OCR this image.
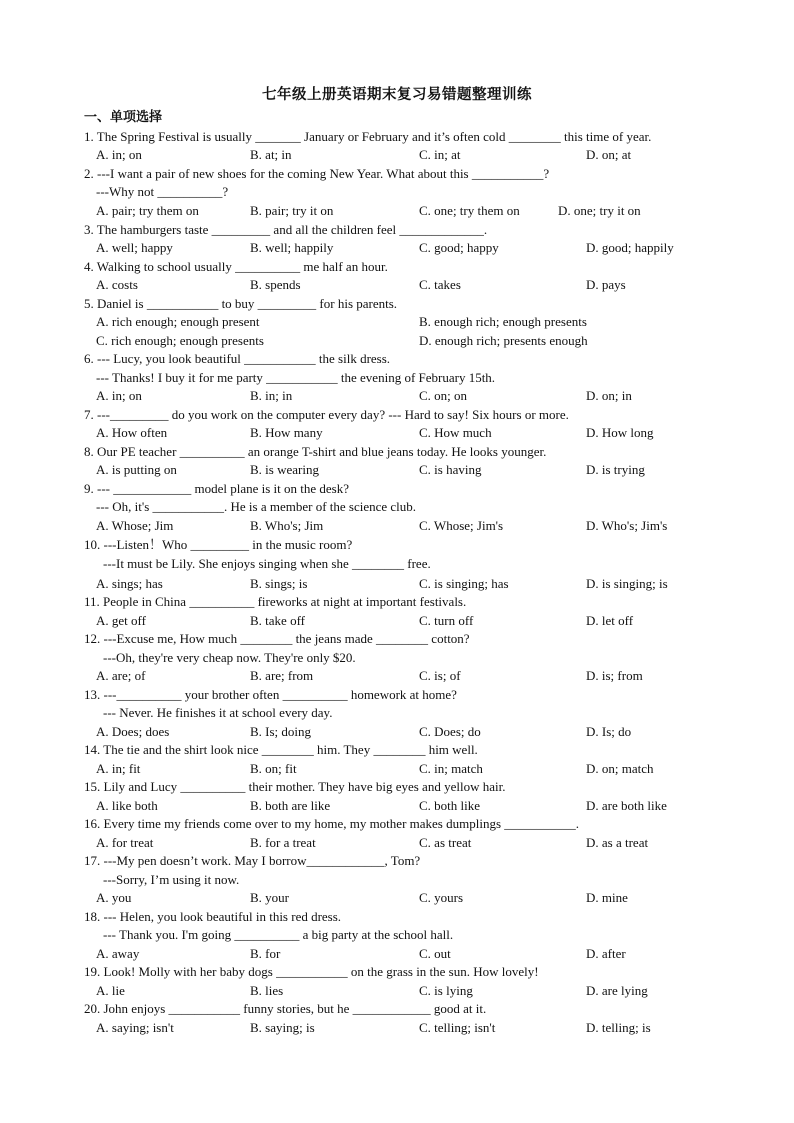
七年级上册英语期末复习易错题整理训练
一、单项选择
1. The Spring Festival is usually _______ January or February and it’s often cold ________ this time of year.
A. in; on	B. at; in	C. in; at	D. on; at
2. ---I want a pair of new shoes for the coming New Year. What about this ___________?
---Why not __________?
A. pair; try them on	B. pair; try it on	C. one; try them on	D. one; try it on
3. The hamburgers taste _________ and all the children feel _____________.
A. well; happy	B. well; happily	C. good; happy	D. good; happily
4. Walking to school usually __________ me half an hour.
A. costs	B. spends	C. takes	D. pays
5. Daniel is ___________ to buy _________ for his parents.
A. rich enough; enough present	B. enough rich; enough presents
C. rich enough; enough presents	D. enough rich; presents enough
6. --- Lucy, you look beautiful ___________ the silk dress.
--- Thanks! I buy it for me party ___________ the evening of February 15th.
A. in; on	B. in; in	C. on; on	D. on; in
7. ---_________ do you work on the computer every day? --- Hard to say! Six hours or more.
A. How often	B. How many	C. How much	D. How long
8. Our PE teacher __________ an orange T-shirt and blue jeans today. He looks younger.
A. is putting on	B. is wearing	C. is having	D. is trying
9. --- ____________ model plane is it on the desk?
--- Oh, it's ___________. He is a member of the science club.
A. Whose; Jim	B. Who's; Jim	C. Whose; Jim's	D. Who's; Jim's
10. ---Listen！Who _________ in the music room?
---It must be Lily. She enjoys singing when she ________ free.
A. sings; has	B. sings; is	C. is singing; has	D. is singing; is
11. People in China __________ fireworks at night at important festivals.
A. get off	B. take off	C. turn off	D. let off
12. ---Excuse me, How much ________ the jeans made ________ cotton?
---Oh, they're very cheap now. They're only $20.
A. are; of	B. are; from	C. is; of	D. is; from
13. ---__________ your brother often __________ homework at home?
--- Never. He finishes it at school every day.
A. Does; does	B. Is; doing	C. Does; do	D. Is; do
14. The tie and the shirt look nice ________ him. They ________ him well.
A. in; fit	B. on; fit	C. in; match	D. on; match
15. Lily and Lucy __________ their mother. They have big eyes and yellow hair.
A. like both	B. both are like	C. both like	D. are both like
16. Every time my friends come over to my home, my mother makes dumplings ___________.
A. for treat	B. for a treat	C. as treat	D. as a treat
17. ---My pen doesn’t work. May I borrow____________, Tom?
---Sorry, I’m using it now.
A. you	B. your	C. yours	D. mine
18. --- Helen, you look beautiful in this red dress.
--- Thank you. I'm going __________ a big party at the school hall.
A. away	B. for	C. out	D. after
19. Look! Molly with her baby dogs ___________ on the grass in the sun. How lovely!
A. lie	B. lies	C. is lying	D. are lying
20. John enjoys ___________ funny stories, but he ____________ good at it.
A. saying; isn't	B. saying; is	C. telling; isn't	D. telling; is
